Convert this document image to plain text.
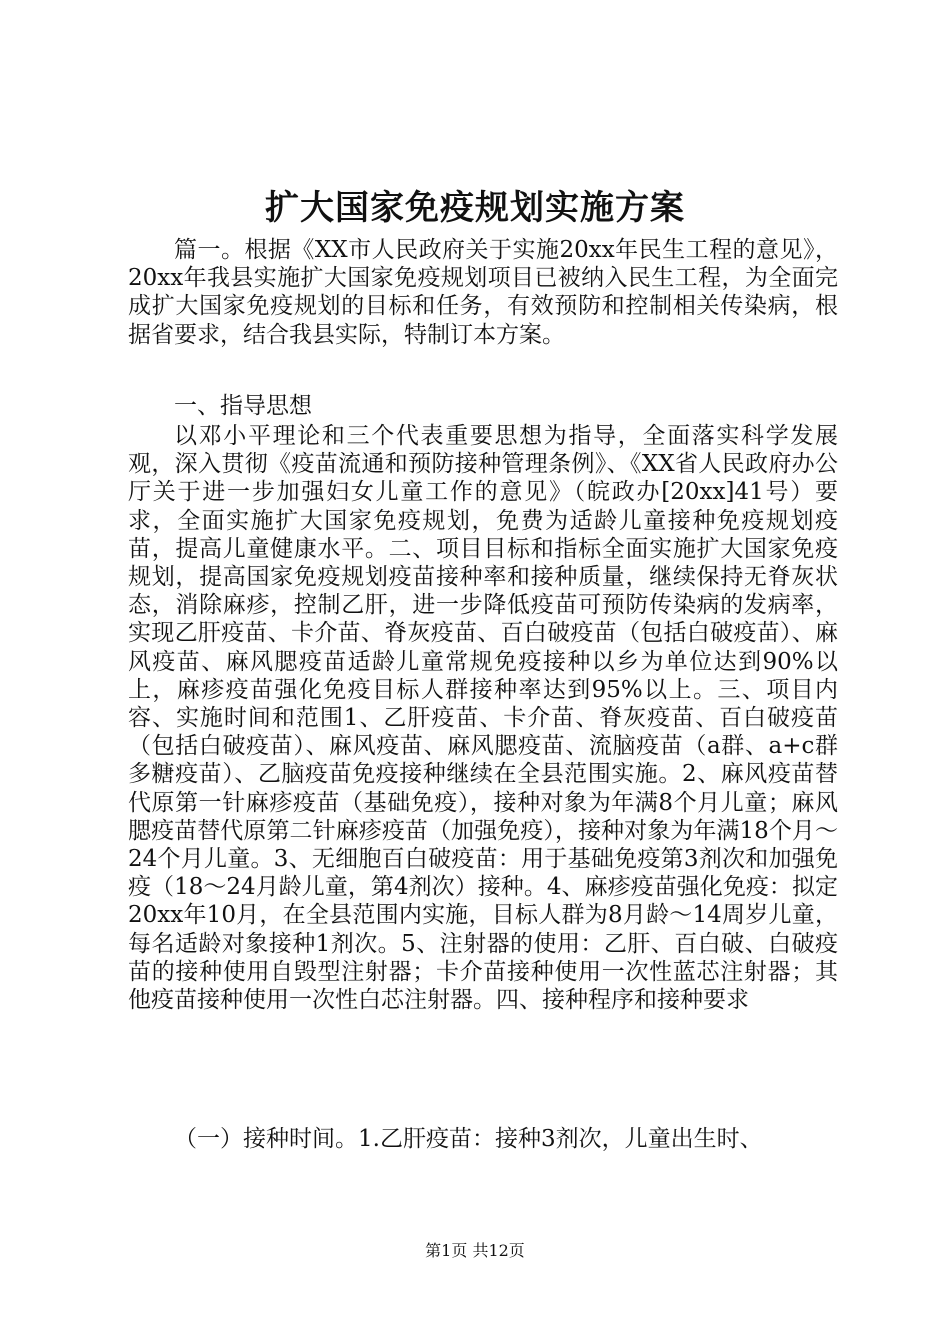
扩大国家免疫规划实施方案
篇一。根据《XX市人民政府关于实施20xx年民生工程的意见》，20xx年我县实施扩大国家免疫规划项目已被纳入民生工程，为全面完成扩大国家免疫规划的目标和任务，有效预防和控制相关传染病，根据省要求，结合我县实际，特制订本方案。
一、指导思想
以邓小平理论和三个代表重要思想为指导，全面落实科学发展观，深入贯彻《疫苗流通和预防接种管理条例》、《XX省人民政府办公厅关于进一步加强妇女儿童工作的意见》（皖政办[20xx]41号）要求，全面实施扩大国家免疫规划，免费为适龄儿童接种免疫规划疫苗，提高儿童健康水平。二、项目目标和指标全面实施扩大国家免疫规划，提高国家免疫规划疫苗接种率和接种质量，继续保持无脊灰状态，消除麻疹，控制乙肝，进一步降低疫苗可预防传染病的发病率，实现乙肝疫苗、卡介苗、脊灰疫苗、百白破疫苗（包括白破疫苗）、麻风疫苗、麻风腮疫苗适龄儿童常规免疫接种以乡为单位达到90%以上，麻疹疫苗强化免疫目标人群接种率达到95%以上。三、项目内容、实施时间和范围1、乙肝疫苗、卡介苗、脊灰疫苗、百白破疫苗（包括白破疫苗）、麻风疫苗、麻风腮疫苗、流脑疫苗（a群、a+c群多糖疫苗）、乙脑疫苗免疫接种继续在全县范围实施。2、麻风疫苗替代原第一针麻疹疫苗（基础免疫），接种对象为年满8个月儿童；麻风腮疫苗替代原第二针麻疹疫苗（加强免疫），接种对象为年满18个月～24个月儿童。3、无细胞百白破疫苗：用于基础免疫第3剂次和加强免疫（18～24月龄儿童，第4剂次）接种。4、麻疹疫苗强化免疫：拟定20xx年10月，在全县范围内实施，目标人群为8月龄～14周岁儿童，每名适龄对象接种1剂次。5、注射器的使用：乙肝、百白破、白破疫苗的接种使用自毁型注射器；卡介苗接种使用一次性蓝芯注射器；其他疫苗接种使用一次性白芯注射器。四、接种程序和接种要求
（一）接种时间。1.乙肝疫苗：接种3剂次，儿童出生时、
第1页 共12页
